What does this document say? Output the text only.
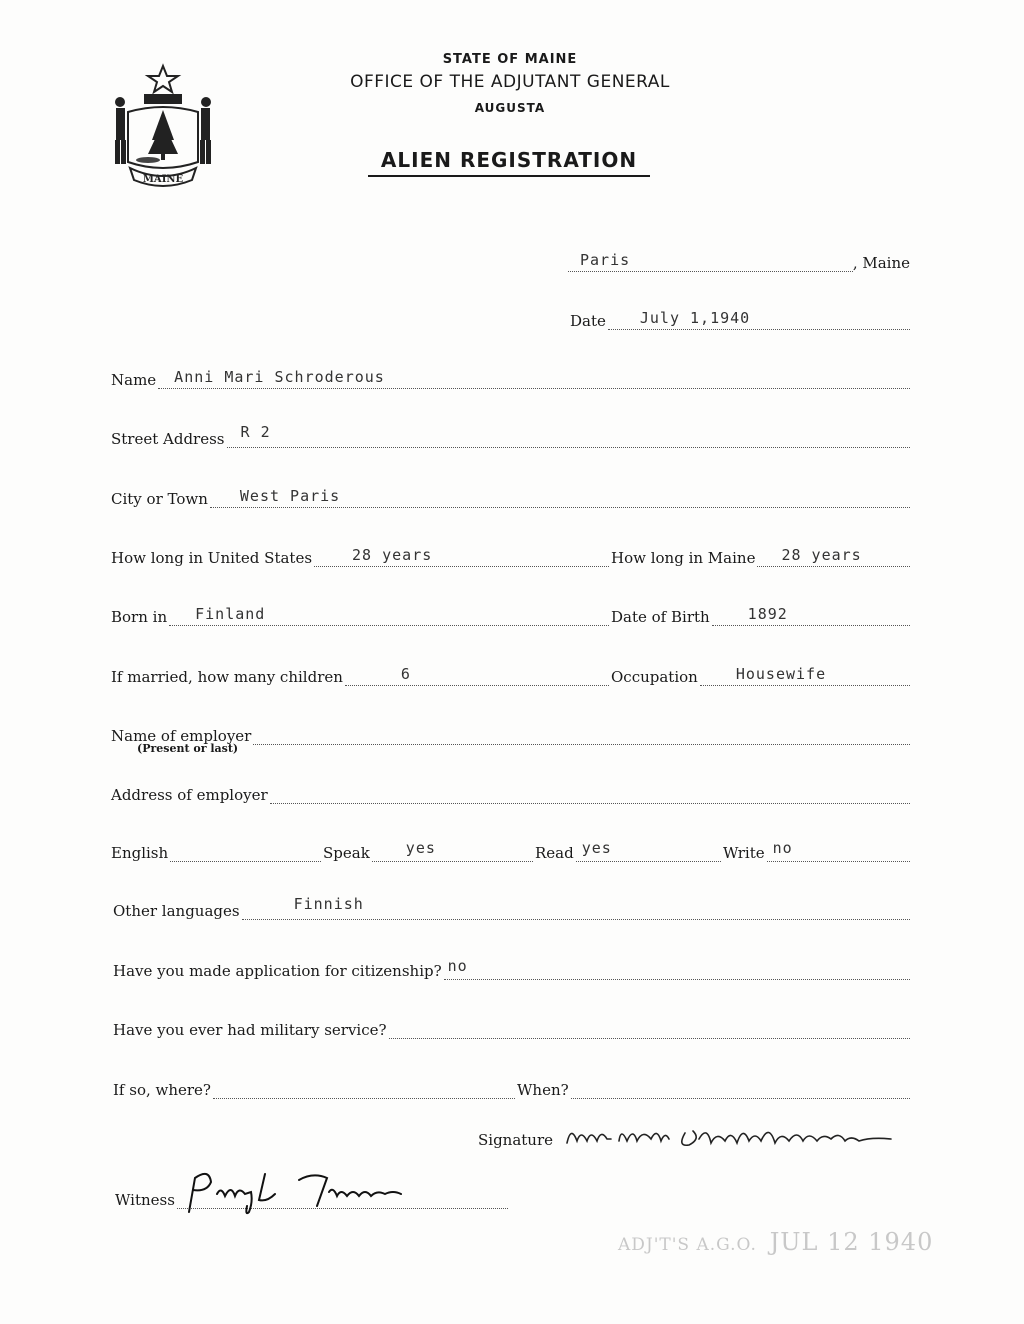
MAINE
STATE OF MAINE
OFFICE OF THE ADJUTANT GENERAL
AUGUSTA
ALIEN REGISTRATION
Paris	, Maine
Date July 1,1940
Name Anni Mari Schroderous
Street Address R 2
City or Town West Paris
How long in United States	28 years	How long in Maine 28 years
Born in Finland	Date of Birth	1892
If married, how many children	6	Occupation	Housewife
Name of employer
(Present or last)
Address of employer
English	Speak yes	Read yes	Write no
Other languages	Finnish
Have you made application for citizenship? no
Have you ever had military service?
If so, where?	When?
Signature
Witness
ADJ'T'S A.G.O. JUL 12 1940
